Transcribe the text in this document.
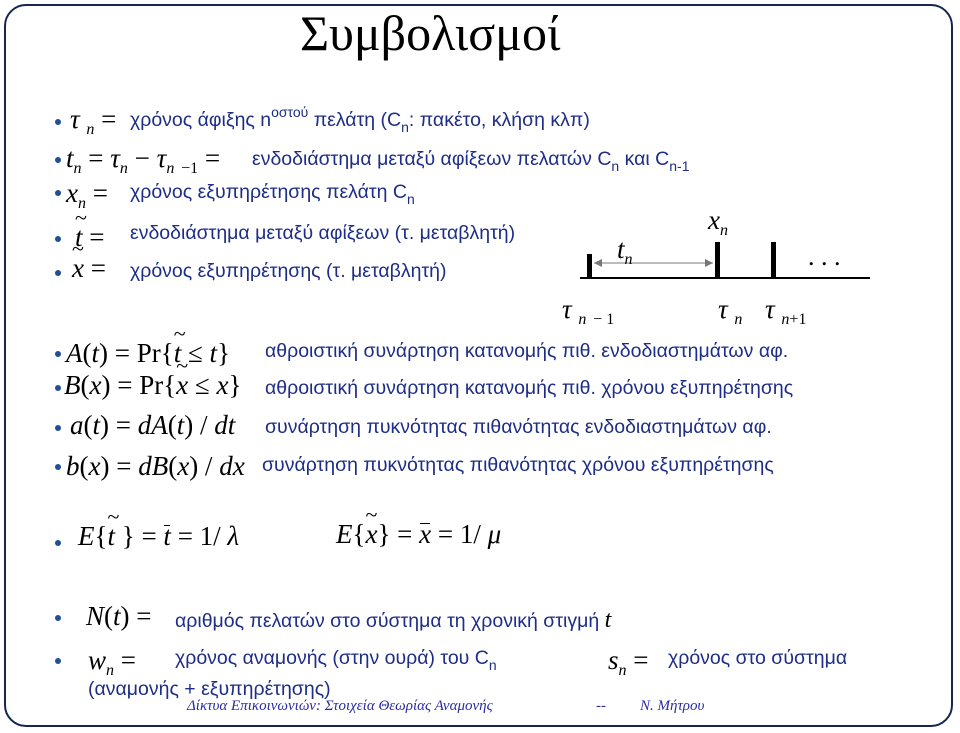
Συμβολισμοί
τ $_n$ = χρόνος άφιξης $n^{o\sigma\tau oύ}$ πελάτη ($C_n$: πακέτο, κλήση κλπ)
$t_n = \tau_n - \tau_n$ $_{-1}$ = ενδοδιάστημα μεταξύ αφίξεων πελατών $C_n$ και $C_{n-1}$
$x_n = \chi\rho ό\nu o\varsigma$ εξυπηρέτησης πελάτη $C_n$
~ t = ενδοδιάστημα μεταξύ αφίξεων (τ. μεταβλητή)
~ x = χρόνος εξυπηρέτησης (τ. μεταβλητή)
$x_n$
$t_n$	. . .
τ $_n$ $_{- 1}$	τ $_n$ τ $_{n+1}$
A(t) = Pr{~ t ≤ t} αθροιστική συνάρτηση κατανομής πιθ. ενδοδιαστημάτων αφ.
B(x) = Pr{~ x ≤ x} αθροιστική συνάρτηση κατανομής πιθ. χρόνου εξυπηρέτησης
a(t) = dA(t) / dt συνάρτηση πυκνότητας πιθανότητας ενδοδιαστημάτων αφ.
b(x) = dB(x) / dx συνάρτηση πυκνότητας πιθανότητας χρόνου εξυπηρέτησης
E{~ t } = t = 1/ λ	E{~ x} = x = 1/ μ
N(t) = αριθμός πελατών στο σύστημα τη χρονική στιγμή t
$w_n = \chi\rho ό\nu o\varsigma$ αναμονής (στην ουρά) του $C_n$	$s_n = \chi\rho ό\nu o\varsigma$ στο σύστημα
(αναμονής + εξυπηρέτησης)
Δίκτυα Επικοινωνιών: Στοιχεία Θεωρίας Αναμονής	-- Ν. Μήτρου
